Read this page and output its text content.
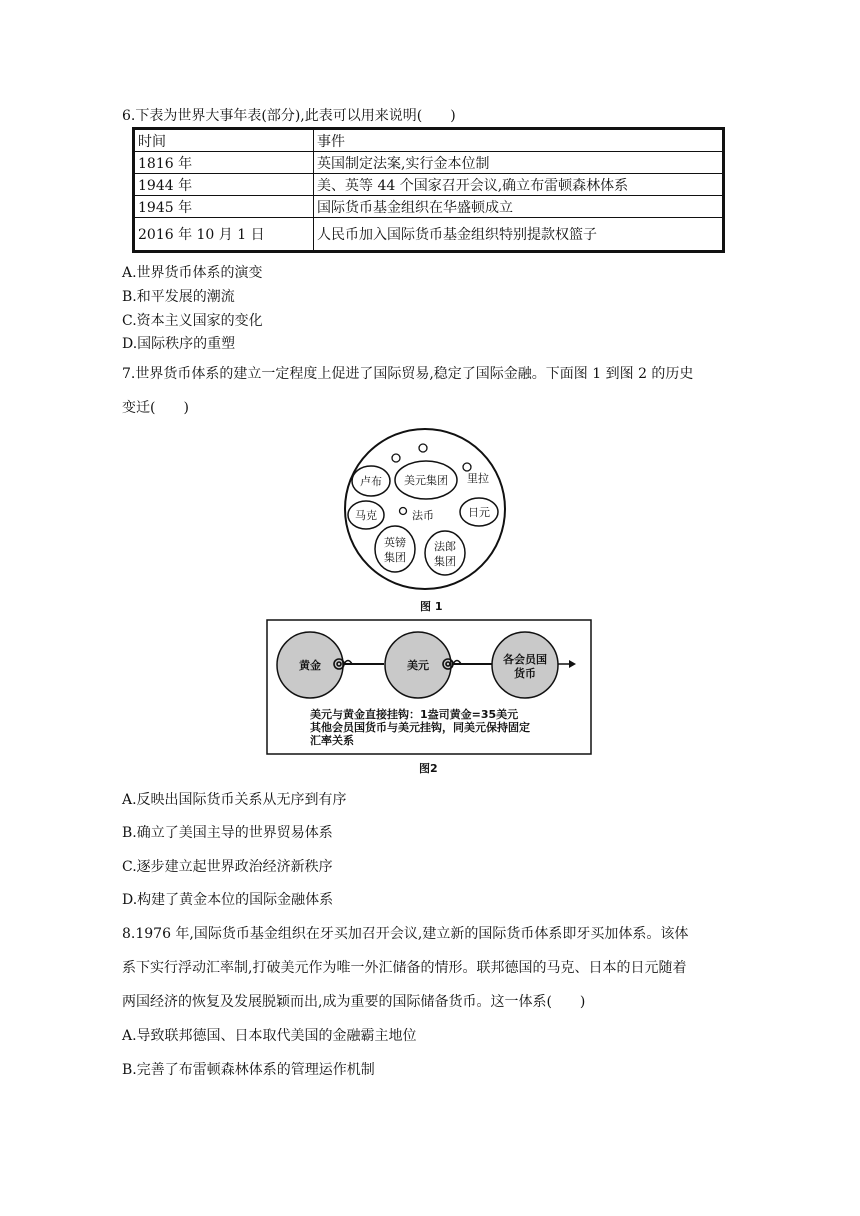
6.下表为世界大事年表(部分),此表可以用来说明(　　)
时间	事件
1816 年	英国制定法案,实行金本位制
1944 年	美、英等 44 个国家召开会议,确立布雷顿森林体系
1945 年	国际货币基金组织在华盛顿成立
2016 年 10 月 1 日	人民币加入国际货币基金组织特别提款权篮子
A.世界货币体系的演变
B.和平发展的潮流
C.资本主义国家的变化
D.国际秩序的重塑
7.世界货币体系的建立一定程度上促进了国际贸易,稳定了国际金融。下面图 1 到图 2 的历史
变迁(　　)
卢布 美元集团 里拉
马克	法币	日元
英镑
集团
法郎
集团
图 1
黄金	美元	各会员国
货币
美元与黄金直接挂钩：1盎司黄金=35美元
其他会员国货币与美元挂钩，同美元保持固定
汇率关系
图2
A.反映出国际货币关系从无序到有序
B.确立了美国主导的世界贸易体系
C.逐步建立起世界政治经济新秩序
D.构建了黄金本位的国际金融体系
8.1976 年,国际货币基金组织在牙买加召开会议,建立新的国际货币体系即牙买加体系。该体
系下实行浮动汇率制,打破美元作为唯一外汇储备的情形。联邦德国的马克、日本的日元随着
两国经济的恢复及发展脱颖而出,成为重要的国际储备货币。这一体系(　　)
A.导致联邦德国、日本取代美国的金融霸主地位
B.完善了布雷顿森林体系的管理运作机制
